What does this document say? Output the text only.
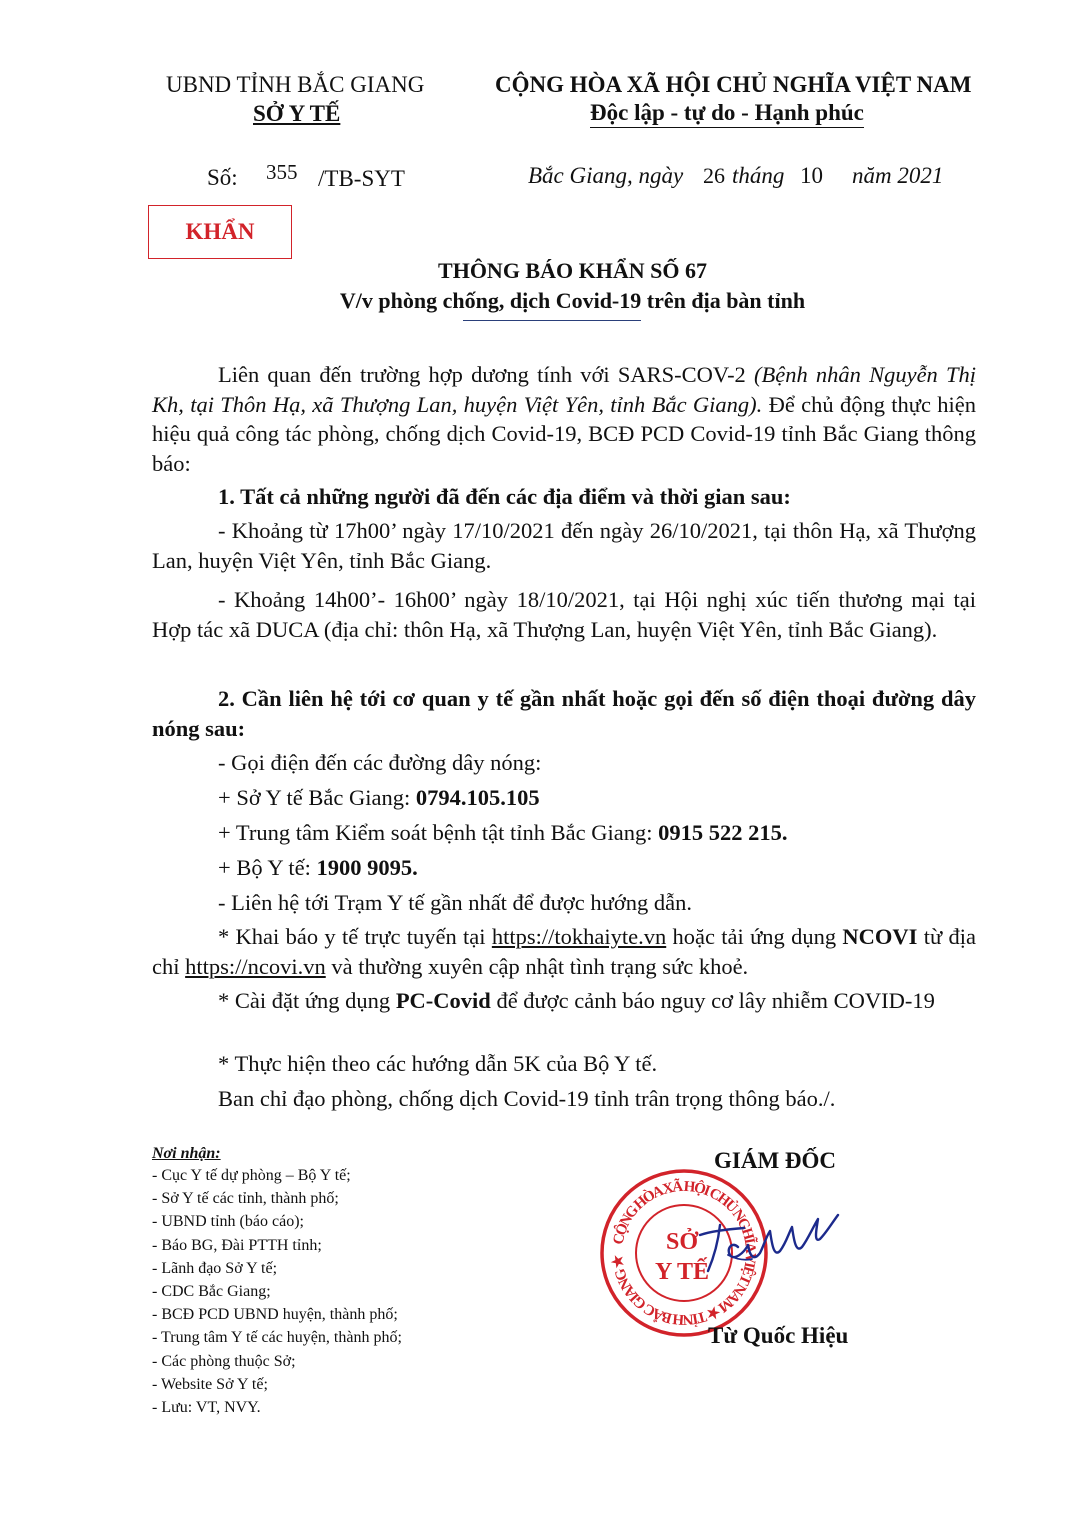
UBND TỈNH BẮC GIANG
SỞ Y TẾ
CỘNG HÒA XÃ HỘI CHỦ NGHĨA VIỆT NAM
Độc lập - tự do - Hạnh phúc
Số: 355 /TB-SYT	Bắc Giang, ngày 26 tháng 10 năm 2021
KHẨN
THÔNG BÁO KHẨN SỐ 67
V/v phòng chống, dịch Covid-19 trên địa bàn tỉnh
Liên quan đến trường hợp dương tính với SARS-COV-2 (Bệnh nhân Nguyễn Thị Kh, tại Thôn Hạ, xã Thượng Lan, huyện Việt Yên, tỉnh Bắc Giang). Để chủ động thực hiện hiệu quả công tác phòng, chống dịch Covid-19, BCĐ PCD Covid-19 tỉnh Bắc Giang thông báo:
1. Tất cả những người đã đến các địa điểm và thời gian sau:
- Khoảng từ 17h00’ ngày 17/10/2021 đến ngày 26/10/2021, tại thôn Hạ, xã Thượng Lan, huyện Việt Yên, tỉnh Bắc Giang.
- Khoảng 14h00’- 16h00’ ngày 18/10/2021, tại Hội nghị xúc tiến thương mại tại Hợp tác xã DUCA (địa chỉ: thôn Hạ, xã Thượng Lan, huyện Việt Yên, tỉnh Bắc Giang).
2. Cần liên hệ tới cơ quan y tế gần nhất hoặc gọi đến số điện thoại đường dây nóng sau:
- Gọi điện đến các đường dây nóng:
+ Sở Y tế Bắc Giang: 0794.105.105
+ Trung tâm Kiểm soát bệnh tật tỉnh Bắc Giang: 0915 522 215.
+ Bộ Y tế: 1900 9095.
- Liên hệ tới Trạm Y tế gần nhất để được hướng dẫn.
* Khai báo y tế trực tuyến tại https://tokhaiyte.vn hoặc tải ứng dụng NCOVI từ địa chỉ https://ncovi.vn và thường xuyên cập nhật tình trạng sức khoẻ.
* Cài đặt ứng dụng PC-Covid để được cảnh báo nguy cơ lây nhiễm COVID-19
* Thực hiện theo các hướng dẫn 5K của Bộ Y tế.
Ban chỉ đạo phòng, chống dịch Covid-19 tỉnh trân trọng thông báo./.
Nơi nhận:
- Cục Y tế dự phòng – Bộ Y tế;
- Sở Y tế các tỉnh, thành phố;
- UBND tỉnh (báo cáo);
- Báo BG, Đài PTTH tỉnh;
- Lãnh đạo Sở Y tế;
- CDC Bắc Giang;
- BCĐ PCD UBND huyện, thành phố;
- Trung tâm Y tế các huyện, thành phố;
- Các phòng thuộc Sở;
- Website Sở Y tế;
- Lưu: VT, NVY.
GIÁM ĐỐC
CỘNG HÒA XÃ HỘI CHỦ NGHĨA VIỆT NAM ★ TỈNH BẮC GIANG ★
SỞ
Y TẾ
Từ Quốc Hiệu
